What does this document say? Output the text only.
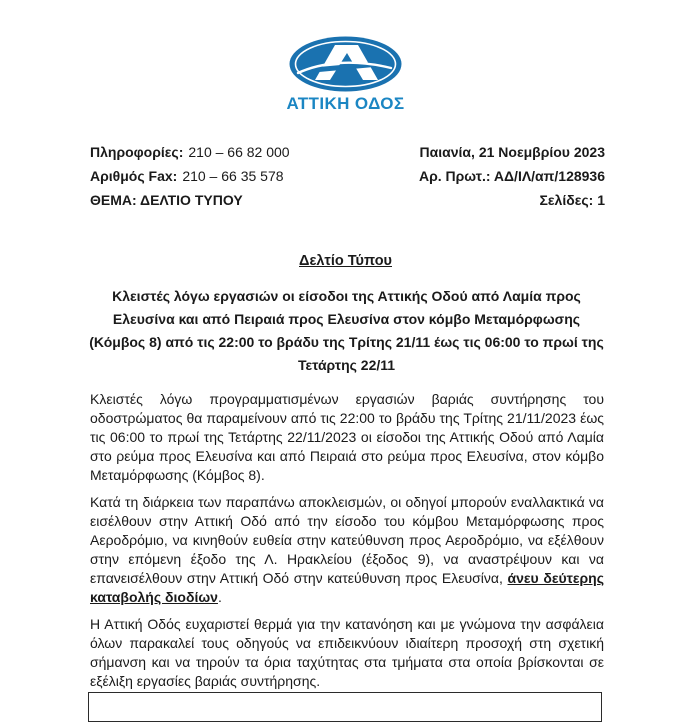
ΑΤΤΙΚΗ ΟΔΟΣ
Πληροφορίες: 210 – 66 82 000	Παιανία, 21 Νοεμβρίου 2023
Αριθμός Fax: 210 – 66 35 578	Αρ. Πρωτ.: ΑΔ/ΙΛ/απ/128936
ΘΕΜΑ: ΔΕΛΤΙΟ ΤΥΠΟΥ	Σελίδες: 1
Δελτίο Τύπου
Κλειστές λόγω εργασιών οι είσοδοι της Αττικής Οδού από Λαμία προς Ελευσίνα και από Πειραιά προς Ελευσίνα στον κόμβο Μεταμόρφωσης (Κόμβος 8) από τις 22:00 το βράδυ της Τρίτης 21/11 έως τις 06:00 το πρωί της Τετάρτης 22/11

Κλειστές λόγω προγραμματισμένων εργασιών βαριάς συντήρησης του οδοστρώματος θα παραμείνουν από τις 22:00 το βράδυ της Τρίτης 21/11/2023 έως τις 06:00 το πρωί της Τετάρτης 22/11/2023 οι είσοδοι της Αττικής Οδού από Λαμία στο ρεύμα προς Ελευσίνα και από Πειραιά στο ρεύμα προς Ελευσίνα, στον κόμβο Μεταμόρφωσης (Κόμβος 8).

Κατά τη διάρκεια των παραπάνω αποκλεισμών, οι οδηγοί μπορούν εναλλακτικά να εισέλθουν στην Αττική Οδό από την είσοδο του κόμβου Μεταμόρφωσης προς Αεροδρόμιο, να κινηθούν ευθεία στην κατεύθυνση προς Αεροδρόμιο, να εξέλθουν στην επόμενη έξοδο της Λ. Ηρακλείου (έξοδος 9), να αναστρέψουν και να επανεισέλθουν στην Αττική Οδό στην κατεύθυνση προς Ελευσίνα, άνευ δεύτερης καταβολής διοδίων.

Η Αττική Οδός ευχαριστεί θερμά για την κατανόηση και με γνώμονα την ασφάλεια όλων παρακαλεί τους οδηγούς να επιδεικνύουν ιδιαίτερη προσοχή στη σχετική σήμανση και να τηρούν τα όρια ταχύτητας στα τμήματα στα οποία βρίσκονται σε εξέλιξη εργασίες βαριάς συντήρησης.
